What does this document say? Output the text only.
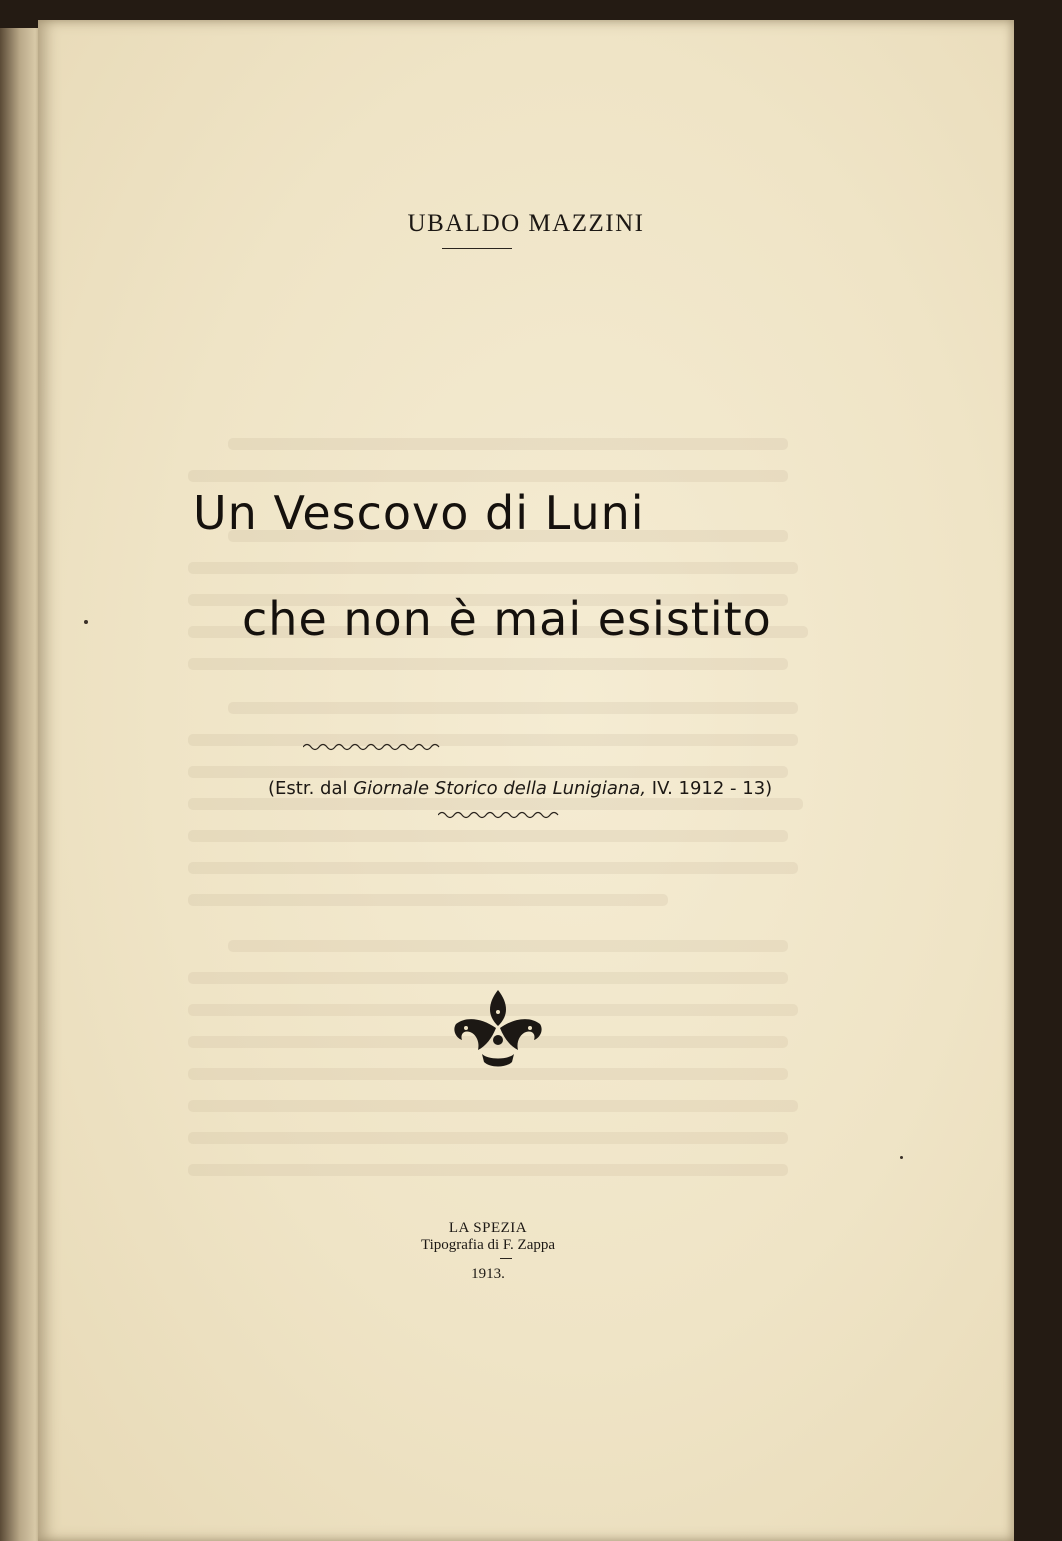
UBALDO MAZZINI
Un Vescovo di Luni
che non è mai esistito
(Estr. dal Giornale Storico della Lunigiana, IV. 1912 - 13)
LA SPEZIA
Tipografia di F. Zappa
1913.
